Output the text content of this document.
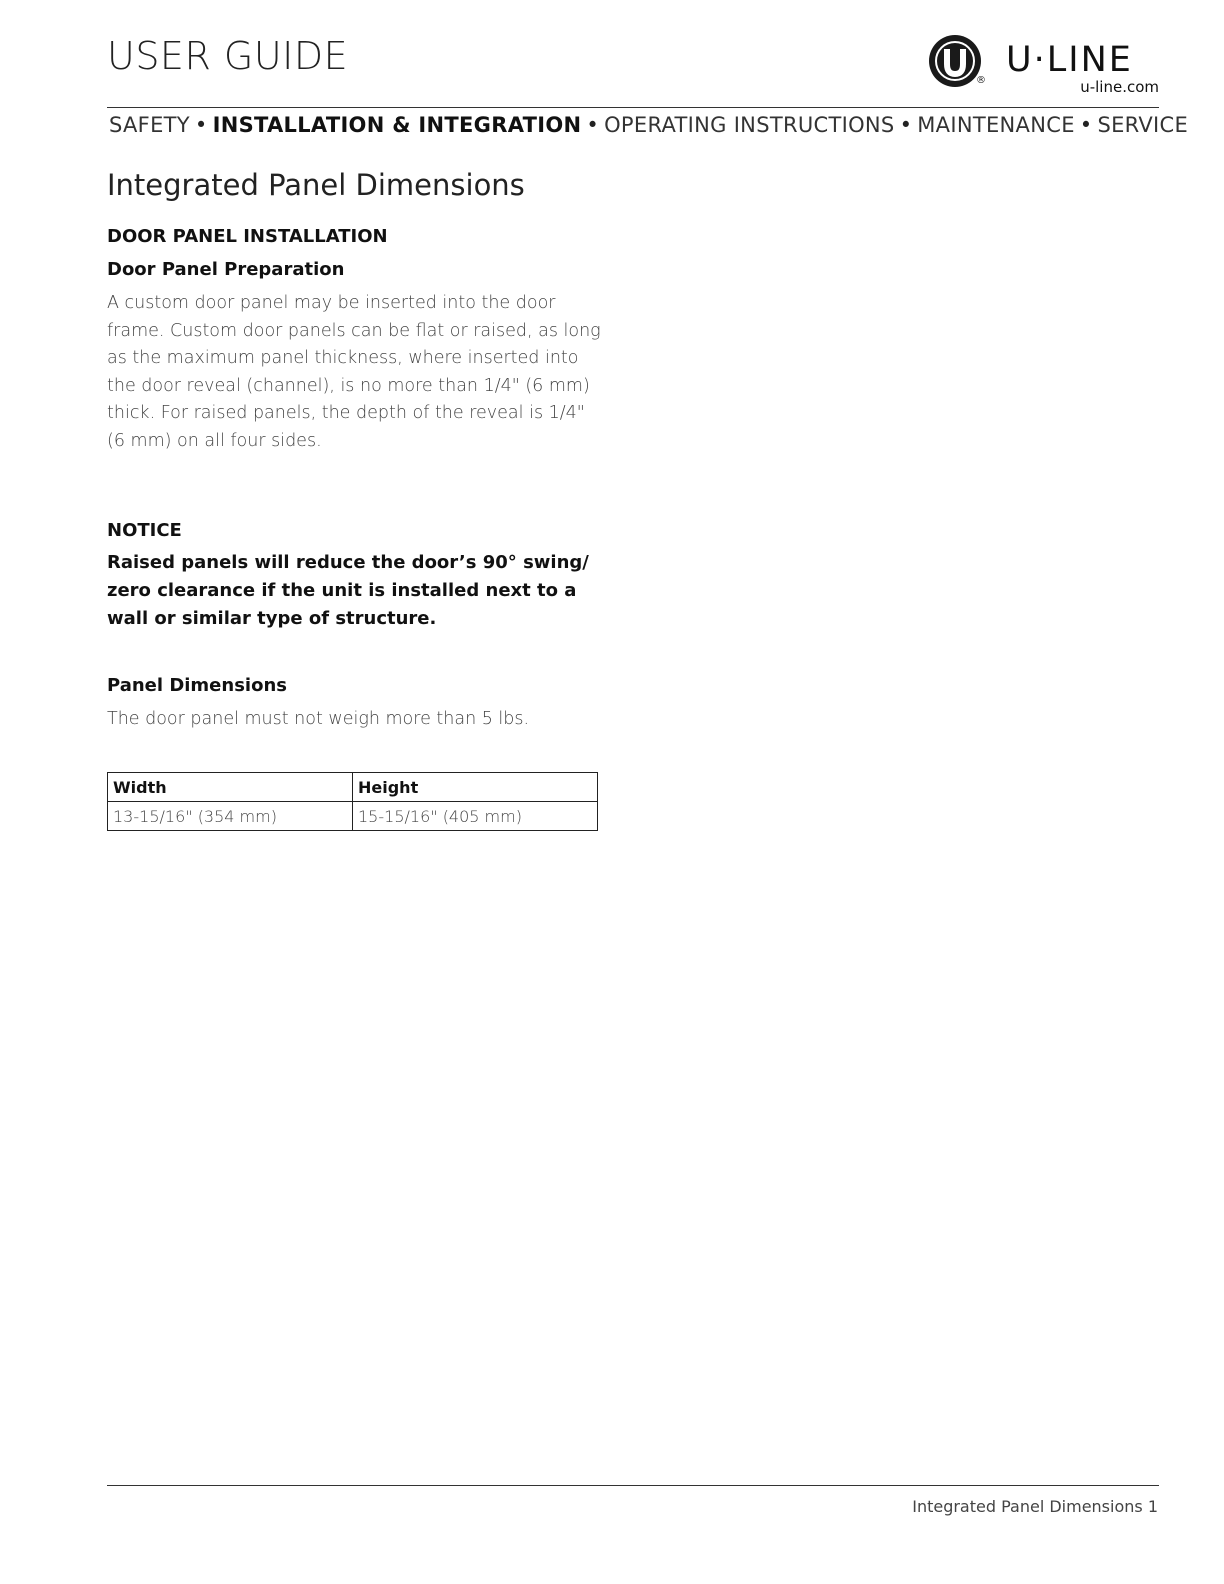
USER GUIDE
®
U·LINE
u-line.com
SAFETY • INSTALLATION & INTEGRATION • OPERATING INSTRUCTIONS • MAINTENANCE • SERVICE
Integrated Panel Dimensions
DOOR PANEL INSTALLATION
Door Panel Preparation
A custom door panel may be inserted into the door frame. Custom door panels can be flat or raised, as long as the maximum panel thickness, where inserted into the door reveal (channel), is no more than 1/4" (6 mm) thick. For raised panels, the depth of the reveal is 1/4" (6 mm) on all four sides.
NOTICE
Raised panels will reduce the door’s 90° swing/ zero clearance if the unit is installed next to a wall or similar type of structure.
Panel Dimensions
The door panel must not weigh more than 5 lbs.
Width	Height
13-15/16" (354 mm)	15-15/16" (405 mm)
Integrated Panel Dimensions 1
